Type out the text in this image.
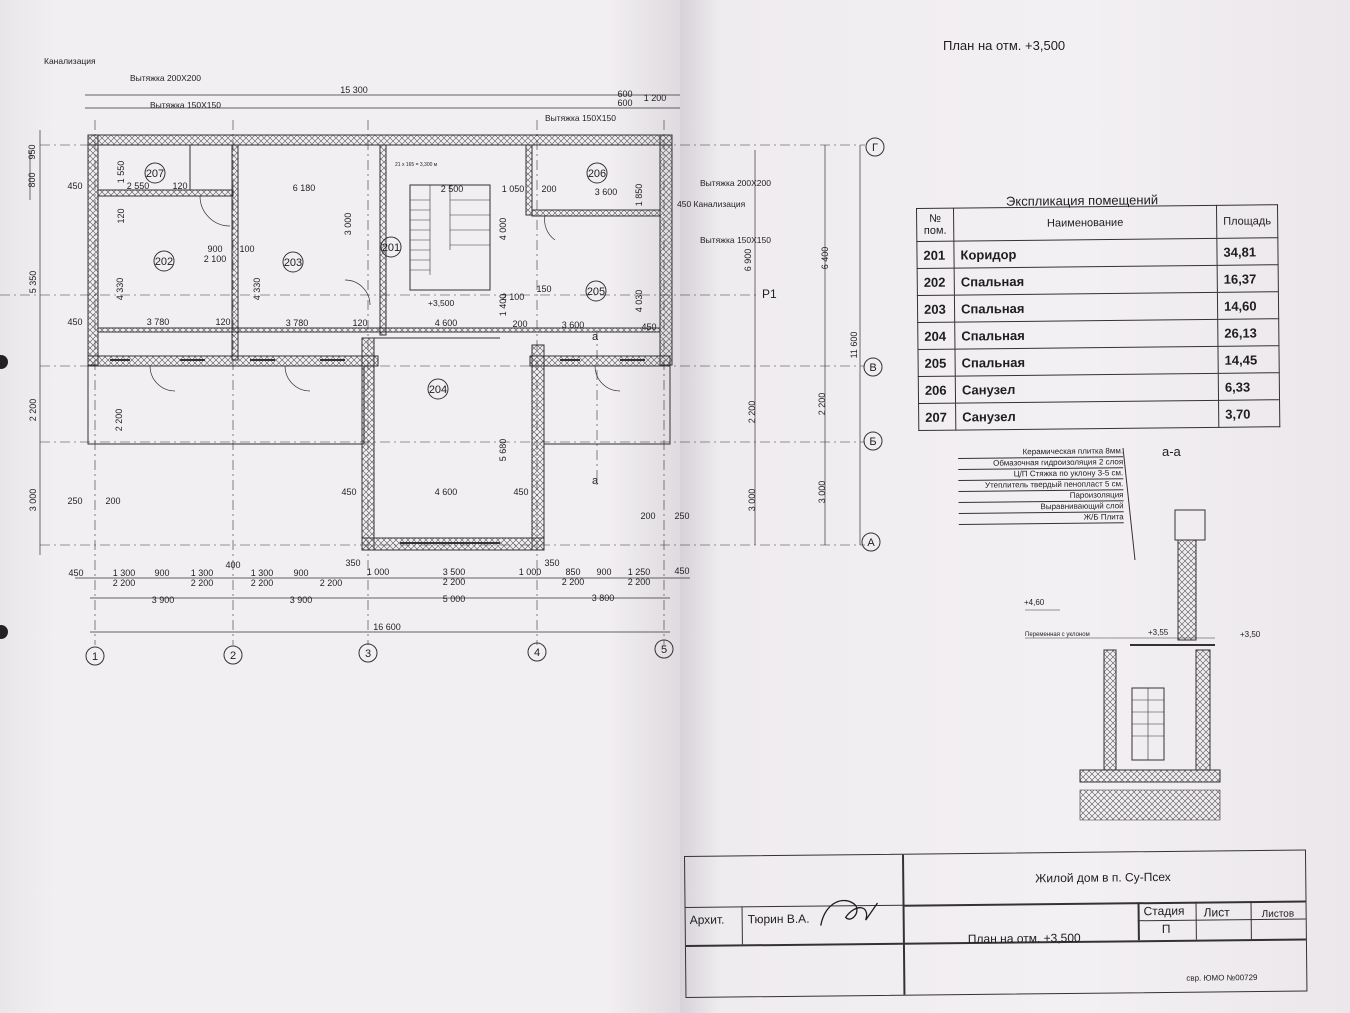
1	2	3	4	5
Г
В
Б
А
207
202	203
201
204
205
206
Канализация
Вытяжка 200Х200
Вытяжка 150Х150
Вытяжка 150Х150
Вытяжка 200Х200
450 Канализация
Вытяжка 150Х150
21 х 165 = 3,300 м
+3,500
Р1
а
а
15 300	600
600 1 200
16 600
3 900	3 900	5 000	3 800
450	1 300 900 1 300
400
1 300 900
350
1 000	3 500	1 000
350
850 900 1 250	450
2 200	2 200	2 200	2 200	2 200	2 200	2 200
950
800	450
5 350
450
2 200
3 000
6 900	6 400
11 600
2 200	2 200
3 000	3 000
1 550
2 550	120	6 180	2 500	1 050 200	3 600
900
2 100
100
120
4 330	4 330
3 000	4 000
4 030
3 780	120	3 780	120	4 600	200	3 600	450
450	4 600	450
5 680
1 400
2 100
150
250	200
200 250
1 850
2 200
План на отм. +3,500
Экспликация помещений
№ пом.	Наименование	Площадь
201	Коридор	34,81
202	Спальная	16,37
203	Спальная	14,60
204	Спальная	26,13
205	Спальная	14,45
206	Санузел	6,33
207	Санузел	3,70
а-а
Керамическая плитка 8мм.
Обмазочная гидроизоляция 2 слоя
Ц/П Стяжка по уклону 3-5 см.
Утеплитель твердый пенопласт 5 см.
Пароизоляция
Выравнивающий слой
Ж/Б Плита
+4,60
+3,55	+3,50
Переменная с уклоном
Жилой дом в п. Су-Псех
Архит. Тюрин В.А.
План на отм. +3,500
Стадия
П
Лист	Листов
свр. ЮМО №00729
